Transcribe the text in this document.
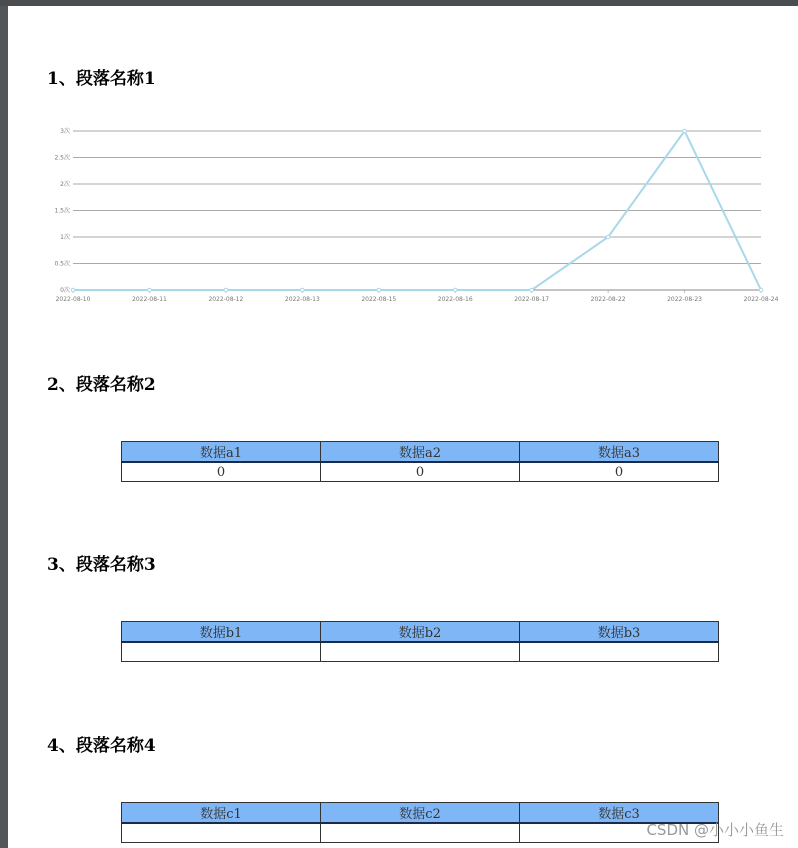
1、段落名称1
0次
0.5次
1次
1.5次
2次
2.5次
3次
2022-08-10	2022-08-11	2022-08-12	2022-08-13	2022-08-15	2022-08-16	2022-08-17	2022-08-22	2022-08-23	2022-08-24
2、段落名称2
数据a1	数据a2	数据a3
0	0	0
3、段落名称3
数据b1	数据b2	数据b3

4、段落名称4
数据c1	数据c2	数据c3

CSDN @小小小鱼生
